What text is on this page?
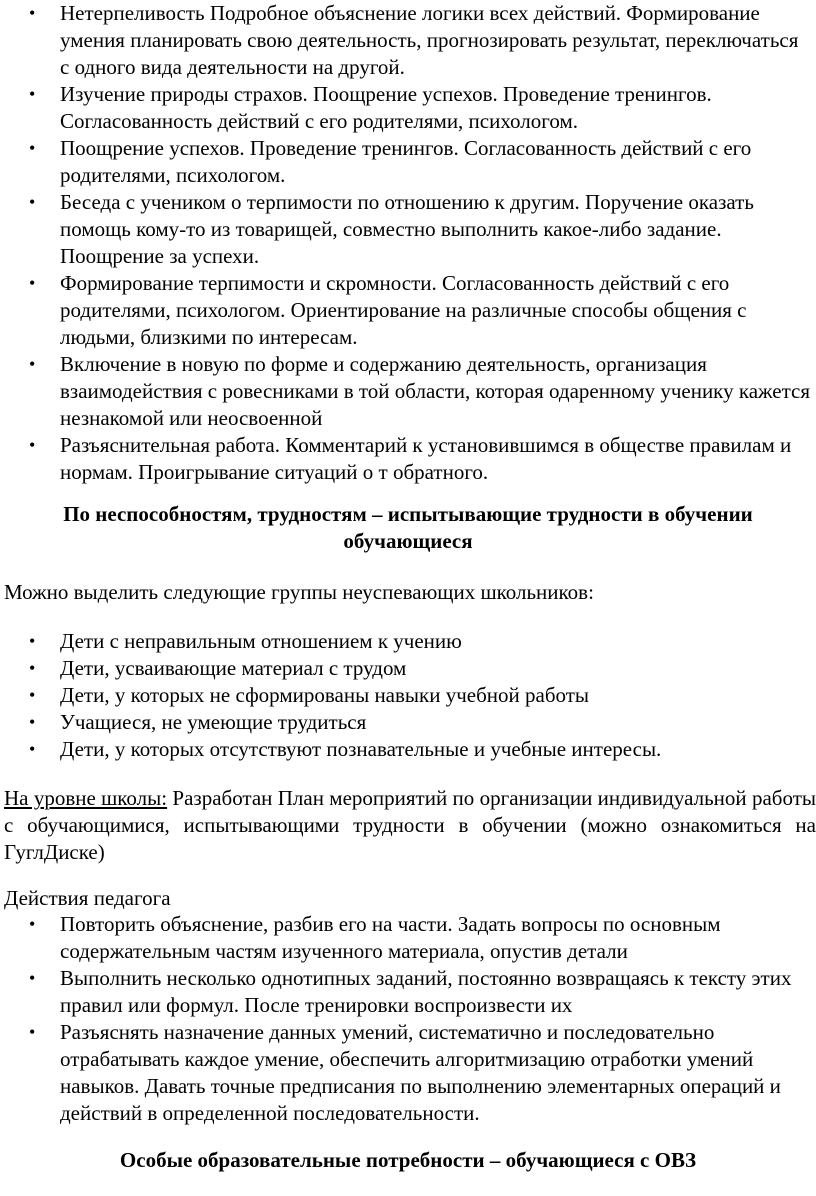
• Нетерпеливость Подробное объяснение логики всех действий. Формирование умения планировать свою деятельность, прогнозировать результат, переключаться с одного вида деятельности на другой.
• Изучение природы страхов. Поощрение успехов. Проведение тренингов. Согласованность действий с его родителями, психологом.
• Поощрение успехов. Проведение тренингов. Согласованность действий с его родителями, психологом.
• Беседа с учеником о терпимости по отношению к другим. Поручение оказать помощь кому-то из товарищей, совместно выполнить какое-либо задание. Поощрение за успехи.
• Формирование терпимости и скромности. Согласованность действий с его родителями, психологом. Ориентирование на различные способы общения с людьми, близкими по интересам.
• Включение в новую по форме и содержанию деятельность, организация взаимодействия с ровесниками в той области, которая одаренному ученику кажется незнакомой или неосвоенной
• Разъяснительная работа. Комментарий к установившимся в обществе правилам и нормам. Проигрывание ситуаций о т обратного.
По неспособностям, трудностям – испытывающие трудности в обучении обучающиеся
Можно выделить следующие группы неуспевающих школьников:
• Дети с неправильным отношением к учению
• Дети, усваивающие материал с трудом
• Дети, у которых не сформированы навыки учебной работы
• Учащиеся, не умеющие трудиться
• Дети, у которых отсутствуют познавательные и учебные интересы.
На уровне школы: Разработан План мероприятий по организации индивидуальной работы с обучающимися, испытывающими трудности в обучении (можно ознакомиться на ГуглДиске)
Действия педагога
• Повторить объяснение, разбив его на части. Задать вопросы по основным содержательным частям изученного материала, опустив детали
• Выполнить несколько однотипных заданий, постоянно возвращаясь к тексту этих правил или формул. После тренировки воспроизвести их
• Разъяснять назначение данных умений, систематично и последовательно отрабатывать каждое умение, обеспечить алгоритмизацию отработки умений навыков. Давать точные предписания по выполнению элементарных операций и действий в определенной последовательности.
Особые образовательные потребности – обучающиеся с ОВЗ
